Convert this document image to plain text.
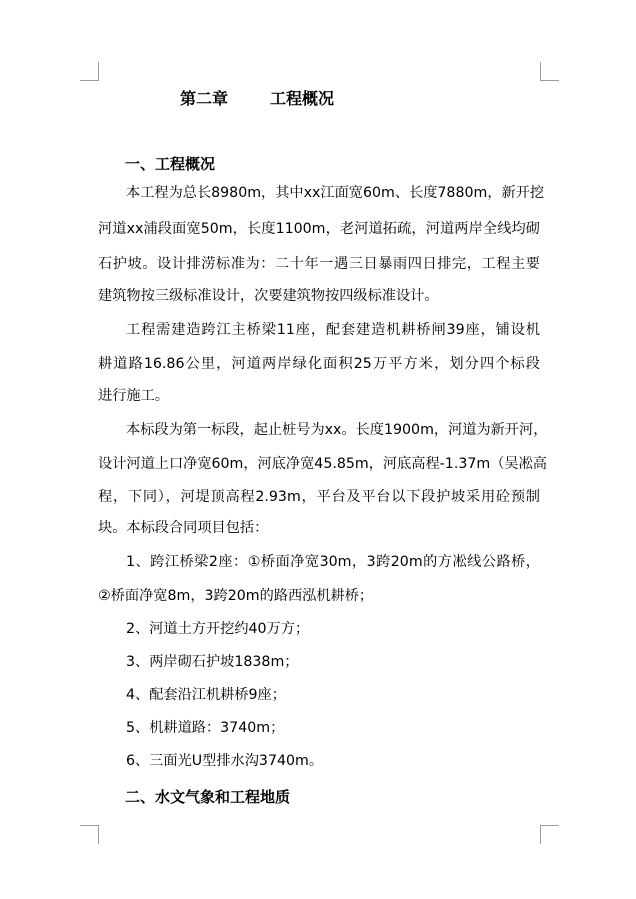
第二章	工程概况
一、工程概况
本工程为总长8980m，其中xx江面宽60m、长度7880m，新开挖
河道xx浦段面宽50m，长度1100m，老河道拓疏，河道两岸全线均砌
石护坡。设计排涝标准为：二十年一遇三日暴雨四日排完，工程主要
建筑物按三级标准设计，次要建筑物按四级标准设计。
工程需建造跨江主桥梁11座，配套建造机耕桥闸39座，铺设机
耕道路16.86公里，河道两岸绿化面积25万平方米，划分四个标段
进行施工。
本标段为第一标段，起止桩号为xx。长度1900m，河道为新开河，
设计河道上口净宽60m，河底净宽45.85m，河底高程-1.37m（吴凇高
程，下同），河堤顶高程2.93m，平台及平台以下段护坡采用砼预制
块。本标段合同项目包括：
1、跨江桥梁2座：①桥面净宽30m，3跨20m的方凇线公路桥，
②桥面净宽8m，3跨20m的路西泓机耕桥；
2、河道土方开挖约40万方；
3、两岸砌石护坡1838m；
4、配套沿江机耕桥9座；
5、机耕道路：3740m；
6、三面光U型排水沟3740m。
二、水文气象和工程地质
